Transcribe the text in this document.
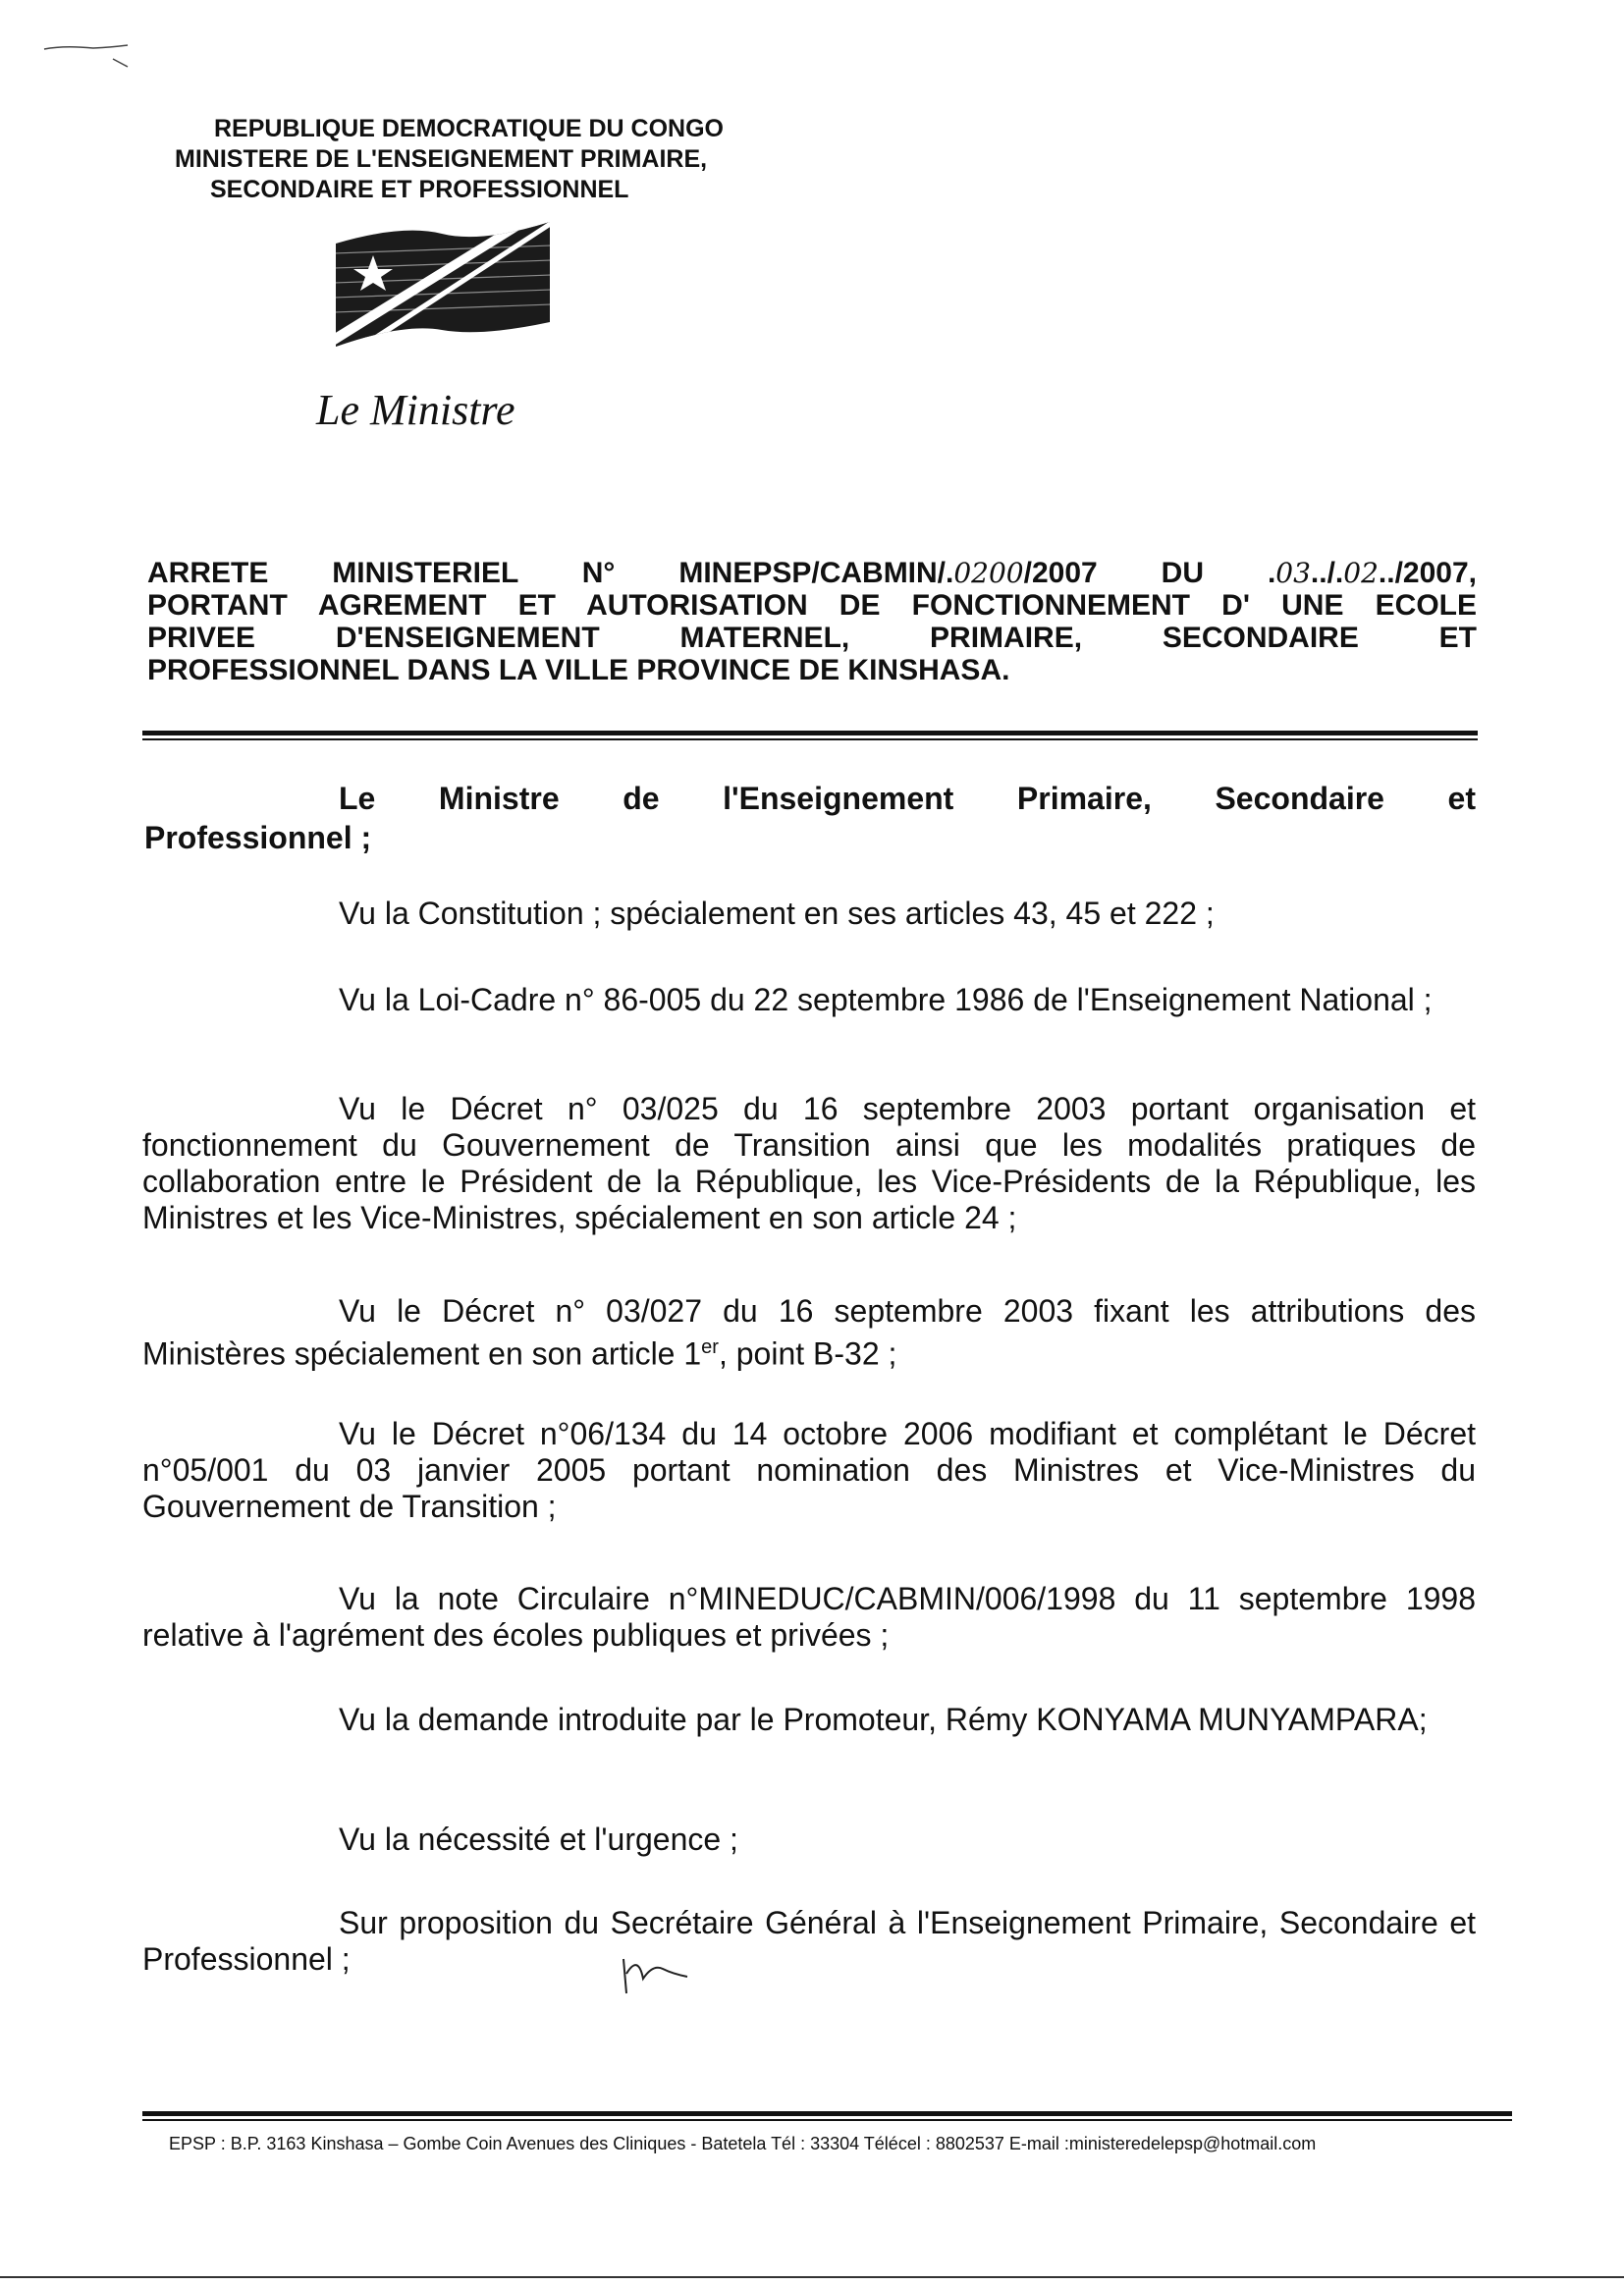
REPUBLIQUE DEMOCRATIQUE DU CONGO
MINISTERE DE L'ENSEIGNEMENT PRIMAIRE,
SECONDAIRE ET PROFESSIONNEL
Le Ministre
ARRETE MINISTERIEL N° MINEPSP/CABMIN/.0200/2007 DU .03../.02../2007,
PORTANT AGREMENT ET AUTORISATION DE FONCTIONNEMENT D' UNE ECOLE
PRIVEE D'ENSEIGNEMENT MATERNEL, PRIMAIRE, SECONDAIRE ET
PROFESSIONNEL DANS LA VILLE PROVINCE DE KINSHASA.
Le Ministre de l'Enseignement Primaire, Secondaire et
Professionnel ;
Vu la Constitution ; spécialement en ses articles 43, 45 et 222 ;
Vu la Loi-Cadre n° 86-005 du 22 septembre 1986 de l'Enseignement National ;
Vu le Décret n° 03/025 du 16 septembre 2003 portant organisation et fonctionnement du Gouvernement de Transition ainsi que les modalités pratiques de collaboration entre le Président de la République, les Vice-Présidents de la République, les Ministres et les Vice-Ministres, spécialement en son article 24 ;
Vu le Décret n° 03/027 du 16 septembre 2003 fixant les attributions des Ministères spécialement en son article 1er, point B-32 ;
Vu le Décret n°06/134 du 14 octobre 2006 modifiant et complétant le Décret n°05/001 du 03 janvier 2005 portant nomination des Ministres et Vice-Ministres du Gouvernement de Transition ;
Vu la note Circulaire n°MINEDUC/CABMIN/006/1998 du 11 septembre 1998 relative à l'agrément des écoles publiques et privées ;
Vu la demande introduite par le Promoteur, Rémy KONYAMA MUNYAMPARA;
Vu la nécessité et l'urgence ;
Sur proposition du Secrétaire Général à l'Enseignement Primaire, Secondaire et Professionnel ;
EPSP : B.P. 3163 Kinshasa – Gombe Coin Avenues des Cliniques - Batetela Tél : 33304 Télécel : 8802537 E-mail :ministeredelepsp@hotmail.com
